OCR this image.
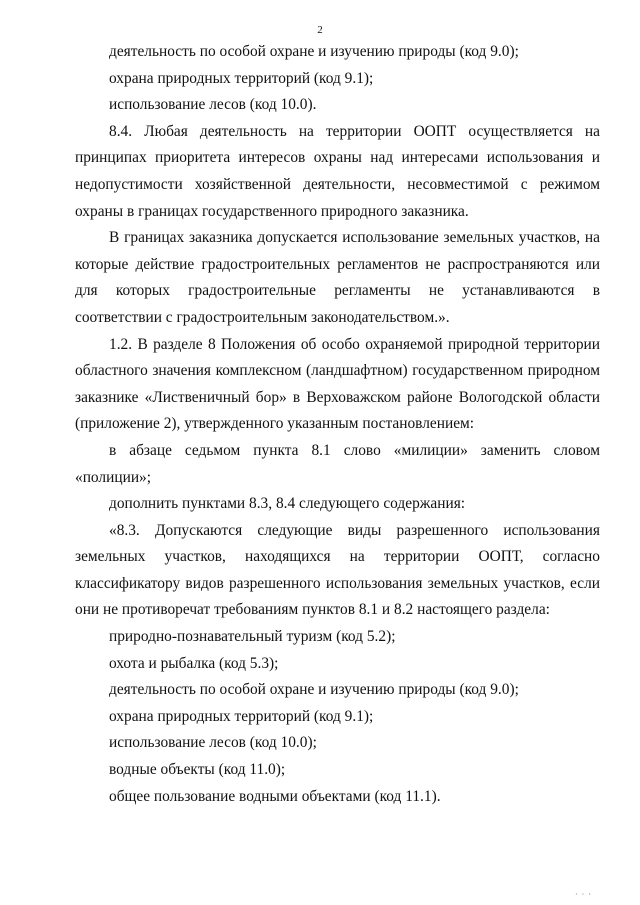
2

деятельность по особой охране и изучению природы (код 9.0);

охрана природных территорий (код 9.1);

использование лесов (код 10.0).

8.4. Любая деятельность на территории ООПТ осуществляется на принципах приоритета интересов охраны над интересами использования и недопустимости хозяйственной деятельности, несовместимой с режимом охраны в границах государственного природного заказника.

В границах заказника допускается использование земельных участков, на которые действие градостроительных регламентов не распространяются или для которых градостроительные регламенты не устанавливаются в соответствии с градостроительным законодательством.».

1.2. В разделе 8 Положения об особо охраняемой природной территории областного значения комплексном (ландшафтном) государственном природном заказнике «Лиственичный бор» в Верховажском районе Вологодской области (приложение 2), утвержденного указанным постановлением:

в абзаце седьмом пункта 8.1 слово «милиции» заменить словом «полиции»;

дополнить пунктами 8.3, 8.4 следующего содержания:

«8.3. Допускаются следующие виды разрешенного использования земельных участков, находящихся на территории ООПТ, согласно классификатору видов разрешенного использования земельных участков, если они не противоречат требованиям пунктов 8.1 и 8.2 настоящего раздела:

природно-познавательный туризм (код 5.2);

охота и рыбалка (код 5.3);

деятельность по особой охране и изучению природы (код 9.0);

охрана природных территорий (код 9.1);

использование лесов (код 10.0);

водные объекты (код 11.0);

общее пользование водными объектами (код 11.1).

· · ·
